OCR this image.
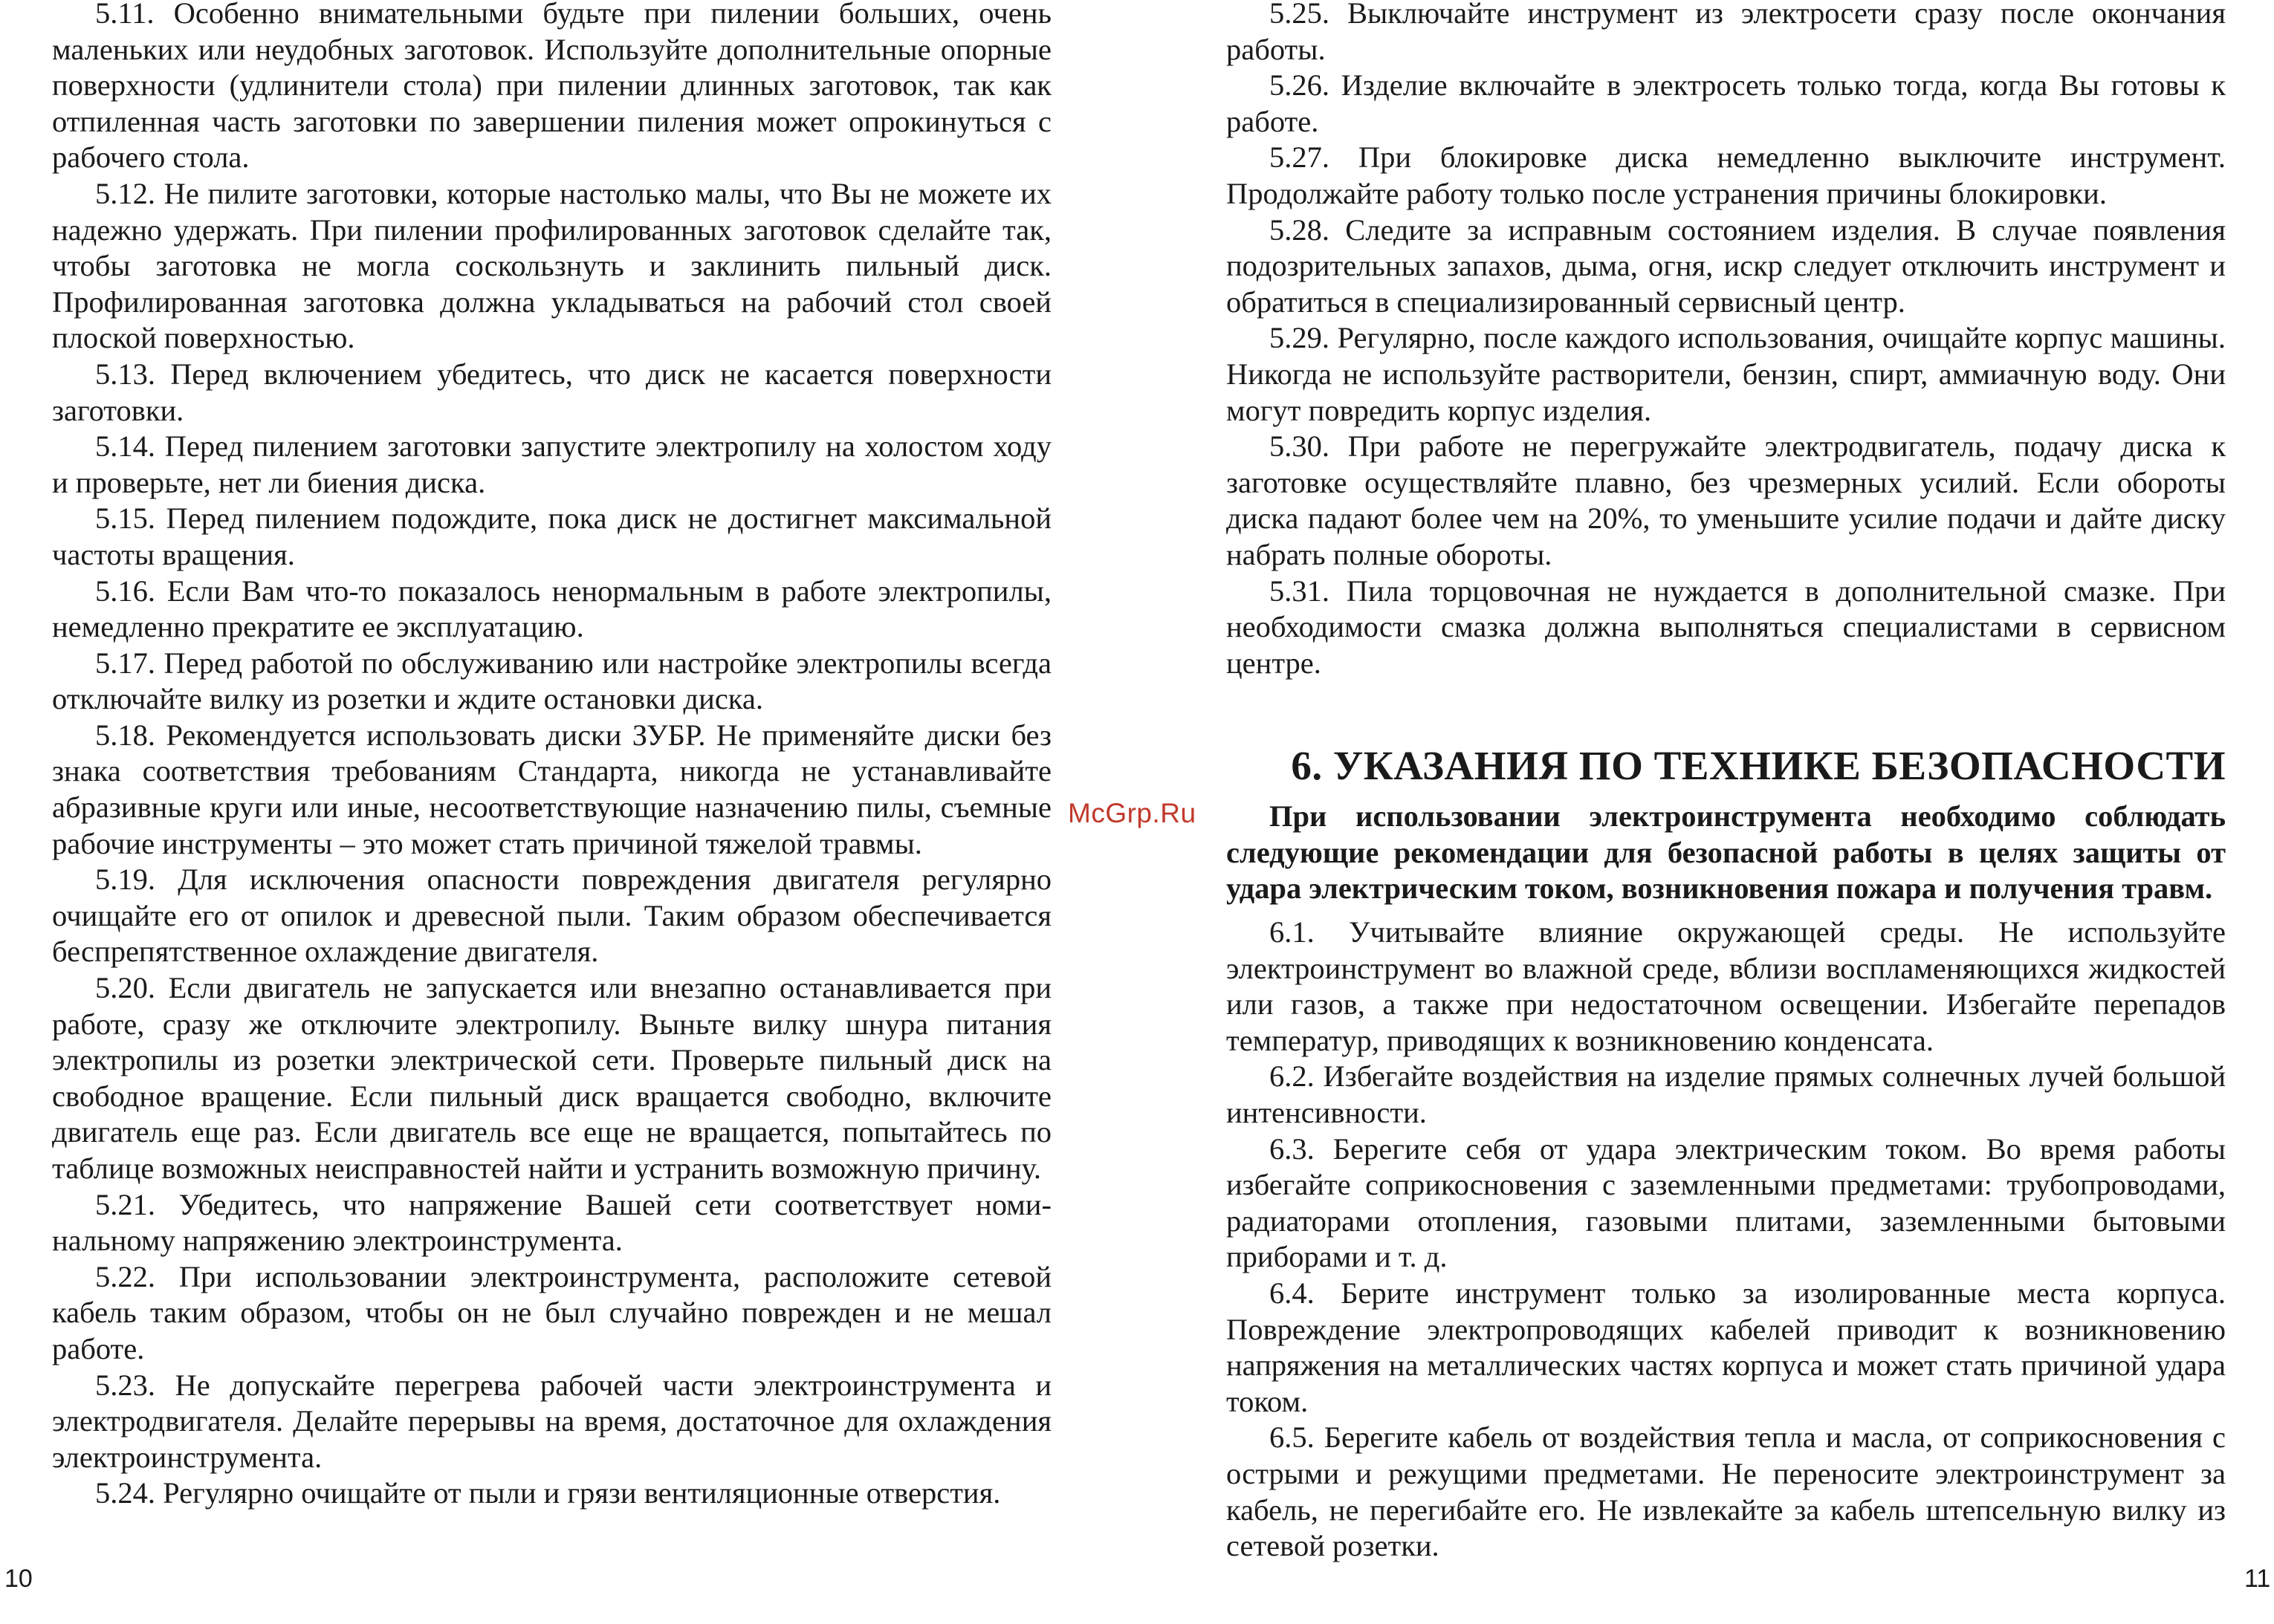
5.11. Особенно внимательными будьте при пилении больших, очень маленьких или неудобных заготовок. Используйте дополнительные опорные поверхности (удлинители стола) при пилении длинных заготовок, так как отпиленная часть заготовки по завершении пиления может опрокинуться с рабочего стола.

5.12. Не пилите заготовки, которые настолько малы, что Вы не можете их надежно удержать. При пилении профилированных заготовок сделайте так, чтобы заготовка не могла соскользнуть и заклинить пильный диск. Профилированная заготовка должна укладываться на рабочий стол своей плоской поверхностью.

5.13. Перед включением убедитесь, что диск не касается поверхности заготовки.

5.14. Перед пилением заготовки запустите электропилу на холостом ходу и проверьте, нет ли биения диска.

5.15. Перед пилением подождите, пока диск не достигнет максимальной частоты вращения.

5.16. Если Вам что-то показалось ненормальным в работе электропилы, немедленно прекратите ее эксплуатацию.

5.17. Перед работой по обслуживанию или настройке электропилы всегда отключайте вилку из розетки и ждите остановки диска.

5.18. Рекомендуется использовать диски ЗУБР. Не применяйте диски без знака соответствия требованиям Стандарта, никогда не устанавливайте абразивные круги или иные, несоответствующие назначению пилы, съемные рабочие инструменты – это может стать причиной тяжелой травмы.

5.19. Для исключения опасности повреждения двигателя регулярно очищайте его от опилок и древесной пыли. Таким образом обеспечивается беспрепятственное охлаждение двигателя.

5.20. Если двигатель не запускается или внезапно останавливается при работе, сразу же отключите электропилу. Выньте вилку шнура питания электропилы из розетки электрической сети. Проверьте пильный диск на свободное вращение. Если пильный диск вращается свободно, включите двигатель еще раз. Если двигатель все еще не вращается, попытайтесь по таблице возможных неисправностей найти и устранить возможную причину.

5.21. Убедитесь, что напряжение Вашей сети соответствует номинальному напряжению электроинструмента.

5.22. При использовании электроинструмента, расположите сетевой кабель таким образом, чтобы он не был случайно поврежден и не мешал работе.

5.23. Не допускайте перегрева рабочей части электроинструмента и электродвигателя. Делайте перерывы на время, достаточное для охлаждения электроинструмента.

5.24. Регулярно очищайте от пыли и грязи вентиляционные отверстия.

McGrp.Ru

5.25. Выключайте инструмент из электросети сразу после окончания работы.

5.26. Изделие включайте в электросеть только тогда, когда Вы готовы к работе.

5.27. При блокировке диска немедленно выключите инструмент. Продолжайте работу только после устранения причины блокировки.

5.28. Следите за исправным состоянием изделия. В случае появления подозрительных запахов, дыма, огня, искр следует отключить инструмент и обратиться в специализированный сервисный центр.

5.29. Регулярно, после каждого использования, очищайте корпус машины. Никогда не используйте растворители, бензин, спирт, аммиачную воду. Они могут повредить корпус изделия.

5.30. При работе не перегружайте электродвигатель, подачу диска к заготовке осуществляйте плавно, без чрезмерных усилий. Если обороты диска падают более чем на 20%, то уменьшите усилие подачи и дайте диску набрать полные обороты.

5.31. Пила торцовочная не нуждается в дополнительной смазке. При необходимости смазка должна выполняться специалистами в сервисном центре.

6. УКАЗАНИЯ ПО ТЕХНИКЕ БЕЗОПАСНОСТИ

При использовании электроинструмента необходимо соблюдать следующие рекомендации для безопасной работы в целях защиты от удара электрическим током, возникновения пожара и получения травм.

6.1. Учитывайте влияние окружающей среды. Не используйте электроинструмент во влажной среде, вблизи воспламеняющихся жидкостей или газов, а также при недостаточном освещении. Избегайте перепадов температур, приводящих к возникновению конденсата.

6.2. Избегайте воздействия на изделие прямых солнечных лучей большой интенсивности.

6.3. Берегите себя от удара электрическим током. Во время работы избегайте соприкосновения с заземленными предметами: трубопроводами, радиаторами отопления, газовыми плитами, заземленными бытовыми приборами и т. д.

6.4. Берите инструмент только за изолированные места корпуса. Повреждение электропроводящих кабелей приводит к возникновению напряжения на металлических частях корпуса и может стать причиной удара током.

6.5. Берегите кабель от воздействия тепла и масла, от соприкосновения с острыми и режущими предметами. Не переносите электроинструмент за кабель, не перегибайте его. Не извлекайте за кабель штепсельную вилку из сетевой розетки.

10	11
